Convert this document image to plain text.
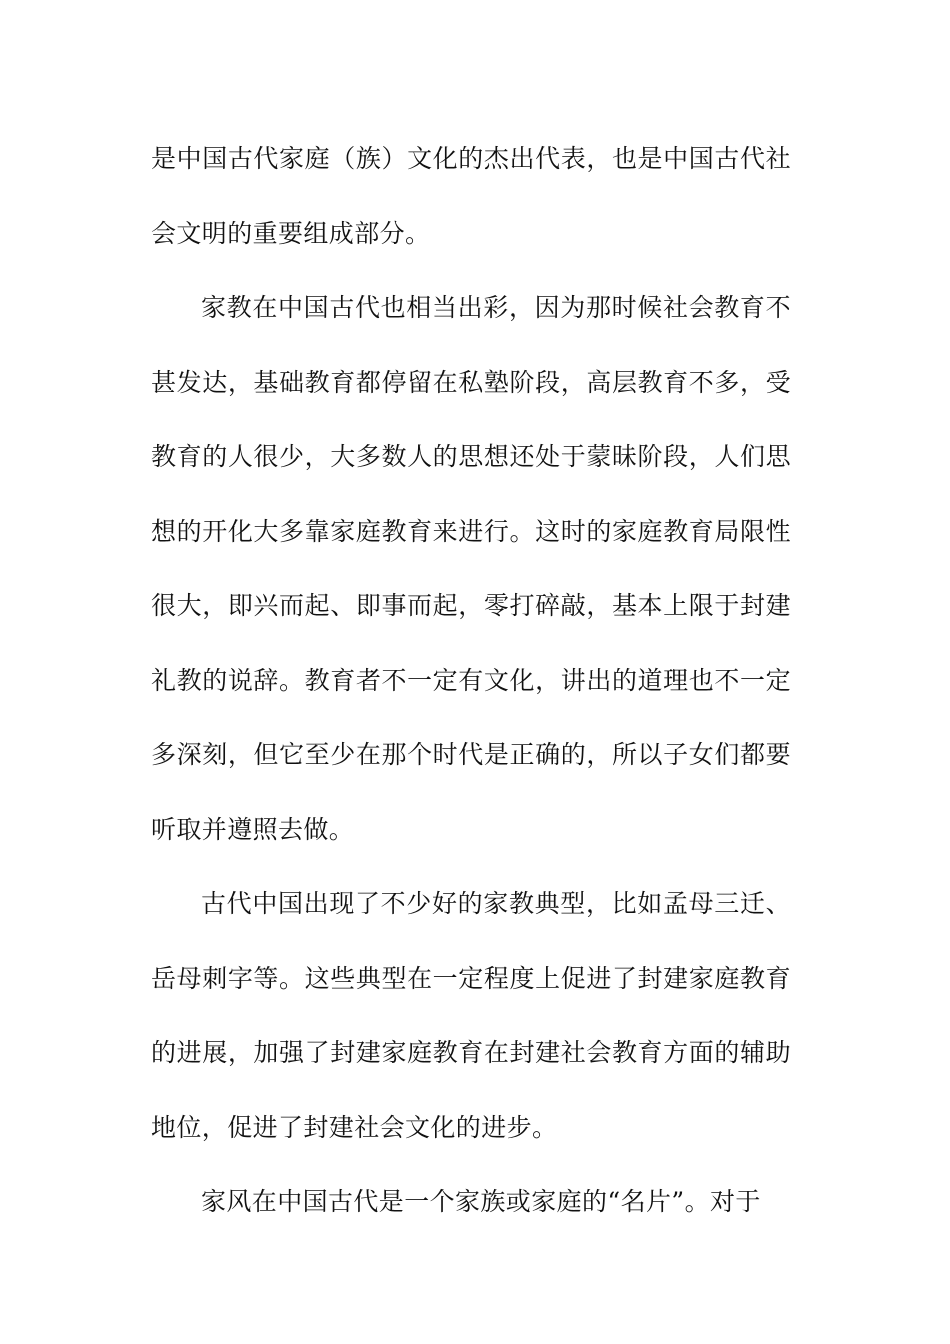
是中国古代家庭（族）文化的杰出代表，也是中国古代社会文明的重要组成部分。

家教在中国古代也相当出彩，因为那时候社会教育不甚发达，基础教育都停留在私塾阶段，高层教育不多，受教育的人很少，大多数人的思想还处于蒙昧阶段，人们思想的开化大多靠家庭教育来进行。这时的家庭教育局限性很大，即兴而起、即事而起，零打碎敲，基本上限于封建礼教的说辞。教育者不一定有文化，讲出的道理也不一定多深刻，但它至少在那个时代是正确的，所以子女们都要听取并遵照去做。

古代中国出现了不少好的家教典型，比如孟母三迁、岳母刺字等。这些典型在一定程度上促进了封建家庭教育的进展，加强了封建家庭教育在封建社会教育方面的辅助地位，促进了封建社会文化的进步。

家风在中国古代是一个家族或家庭的“名片”。对于
